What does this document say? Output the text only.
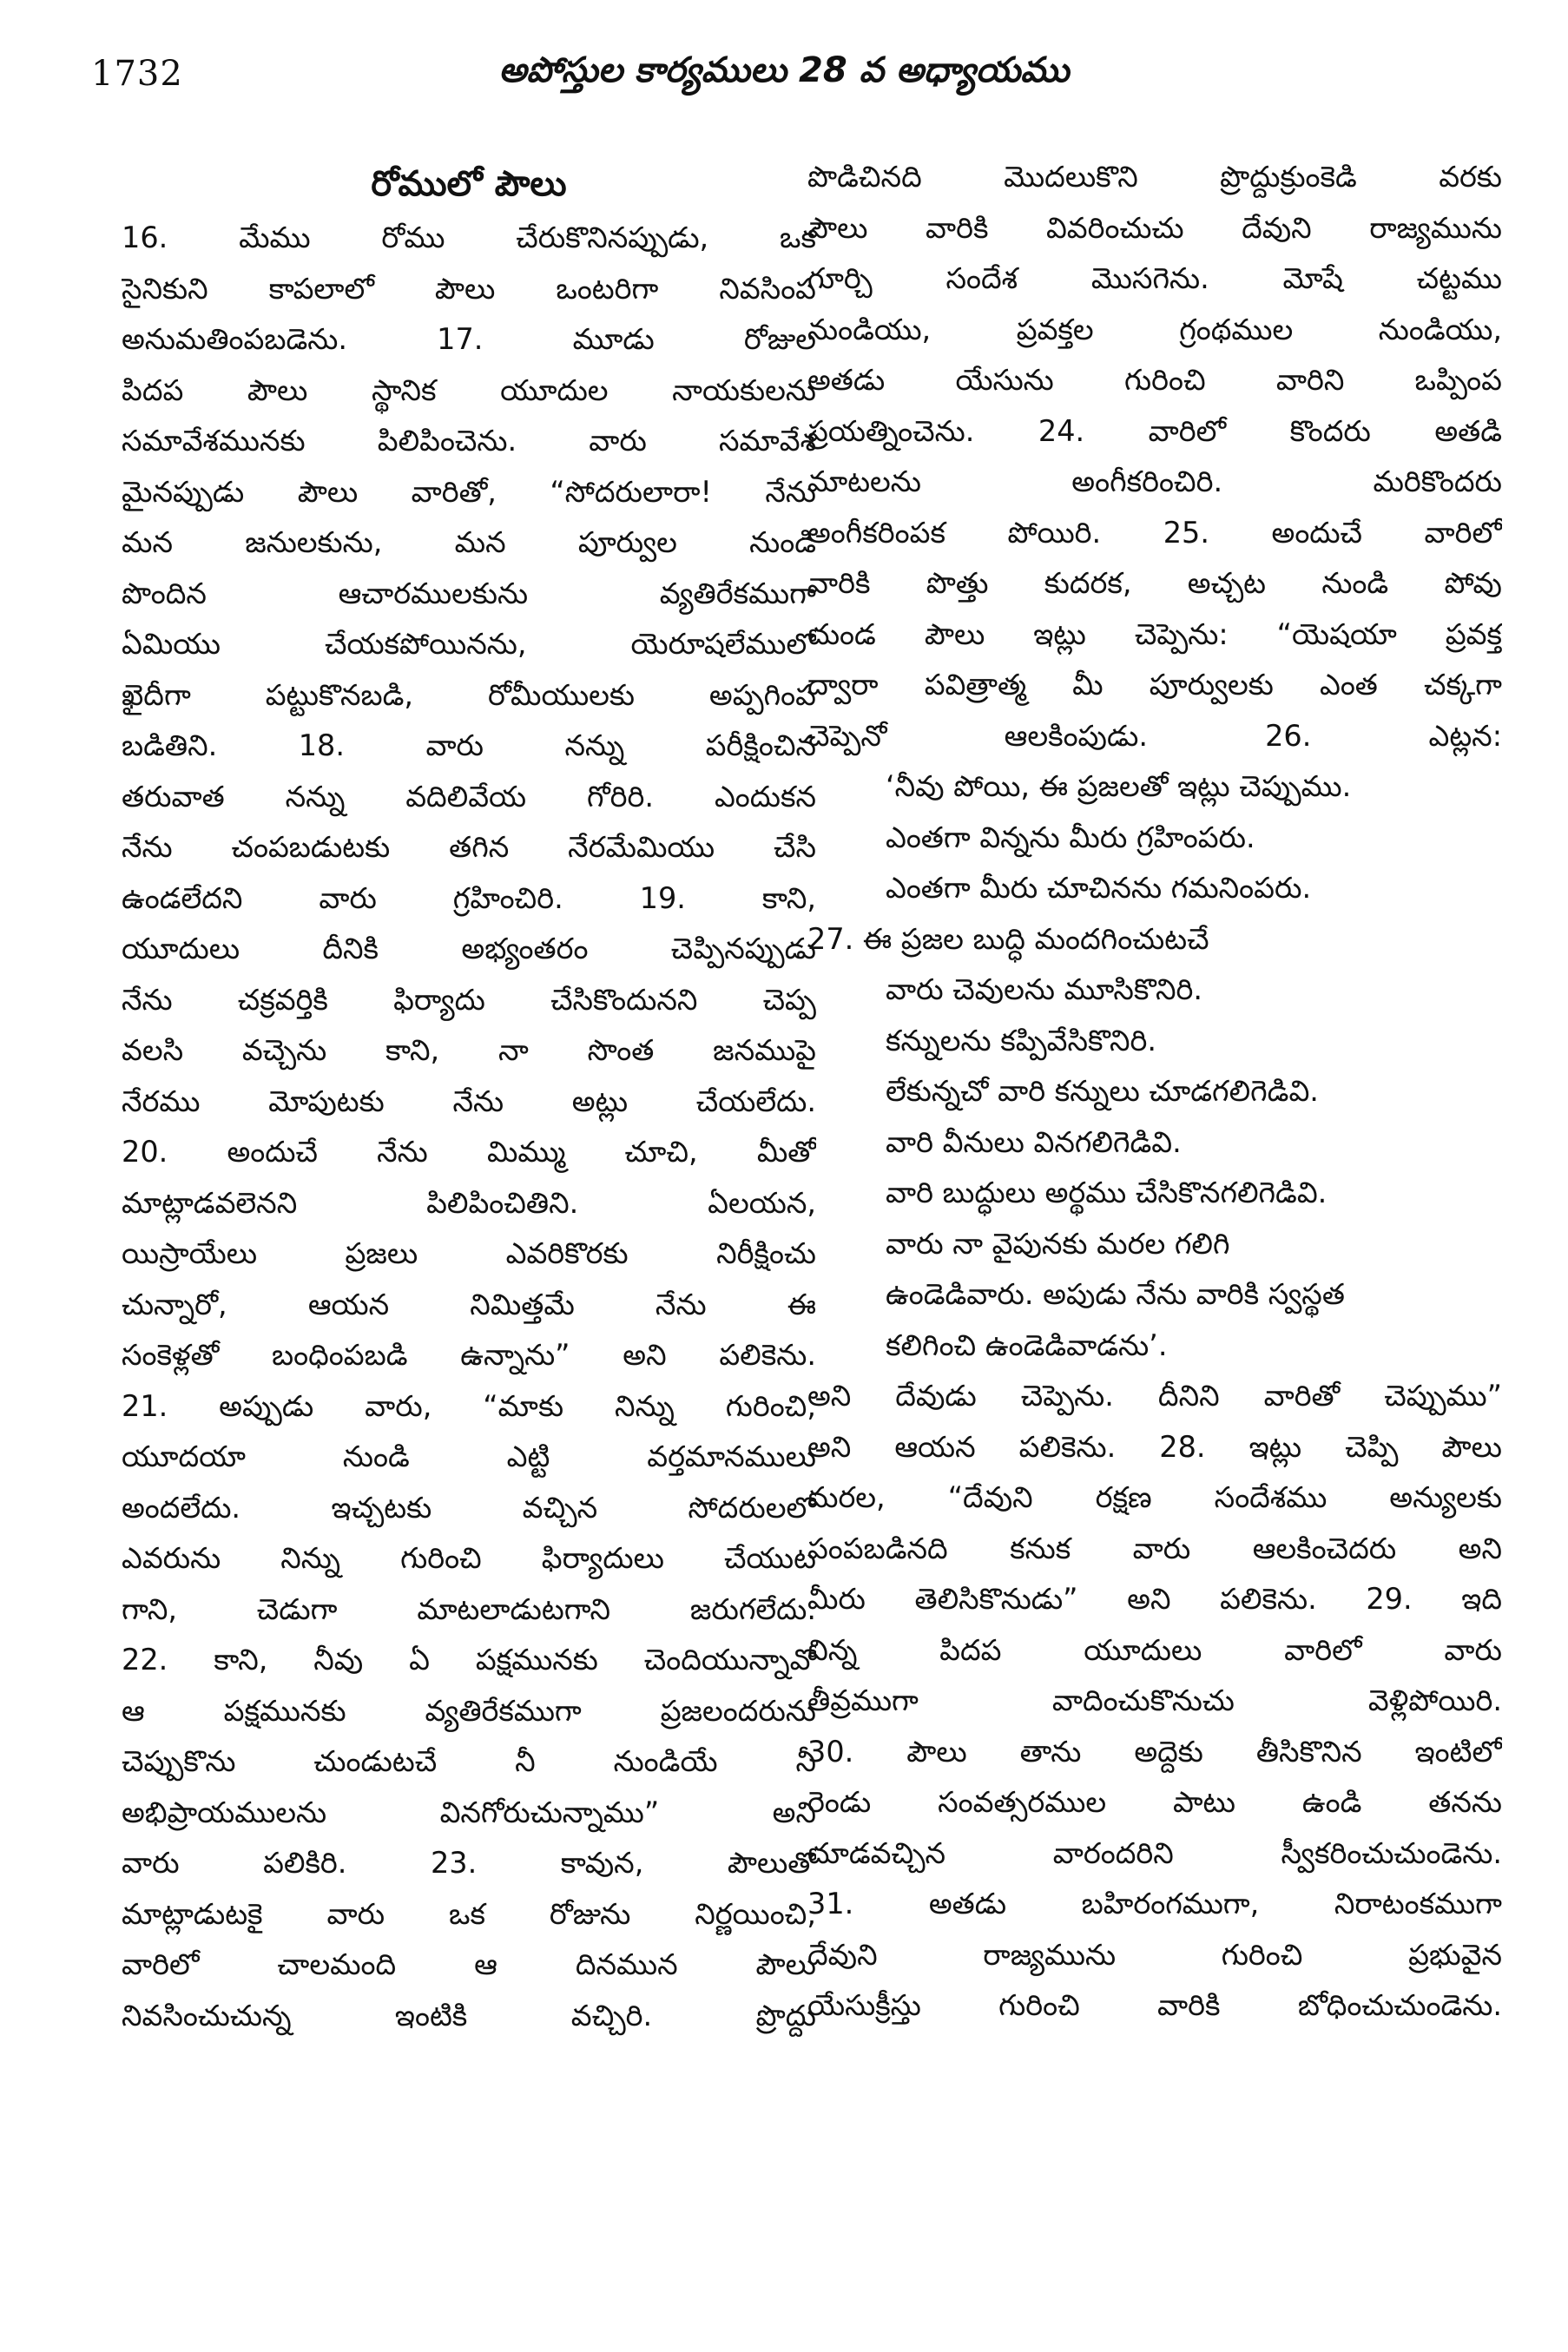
1732	అపోస్తుల కార్యములు 28 వ అధ్యాయము
రోములో పౌలు
16. మేము రోము చేరుకొనినప్పుడు, ఒక
సైనికుని కాపలాలో పౌలు ఒంటరిగా నివసింప
అనుమతింపబడెను. 17. మూడు రోజుల
పిదప పౌలు స్థానిక యూదుల నాయకులను
సమావేశమునకు పిలిపించెను. వారు సమావేశ
మైనప్పుడు పౌలు వారితో, “సోదరులారా! నేను
మన జనులకును, మన పూర్వుల నుండి
పొందిన ఆచారములకును వ్యతిరేకముగా
ఏమియు చేయకపోయినను, యెరూషలేములో
ఖైదీగా పట్టుకొనబడి, రోమీయులకు అప్పగింప
బడితిని. 18. వారు నన్ను పరీక్షించిన
తరువాత నన్ను వదిలివేయ గోరిరి. ఎందుకన
నేను చంపబడుటకు తగిన నేరమేమియు చేసి
ఉండలేదని వారు గ్రహించిరి. 19. కాని,
యూదులు దీనికి అభ్యంతరం చెప్పినప్పుడు
నేను చక్రవర్తికి ఫిర్యాదు చేసికొందునని చెప్ప
వలసి వచ్చెను కాని, నా సొంత జనముపై
నేరము మోపుటకు నేను అట్లు చేయలేదు.
20. అందుచే నేను మిమ్ము చూచి, మీతో
మాట్లాడవలెనని పిలిపించితిని. ఏలయన,
యిస్రాయేలు ప్రజలు ఎవరికొరకు నిరీక్షించు
చున్నారో, ఆయన నిమిత్తమే నేను ఈ
సంకెళ్లతో బంధింపబడి ఉన్నాను” అని పలికెను.
21. అప్పుడు వారు, “మాకు నిన్ను గురించి,
యూదయా నుండి ఎట్టి వర్తమానములు
అందలేదు. ఇచ్చటకు వచ్చిన సోదరులలో
ఎవరును నిన్ను గురించి ఫిర్యాదులు చేయుట
గాని, చెడుగా మాటలాడుటగాని జరుగలేదు.
22. కాని, నీవు ఏ పక్షమునకు చెందియున్నావో
ఆ పక్షమునకు వ్యతిరేకముగా ప్రజలందరును
చెప్పుకొను చుండుటచే నీ నుండియే నీ
అభిప్రాయములను వినగోరుచున్నాము” అని
వారు పలికిరి. 23. కావున, పౌలుతో
మాట్లాడుటకై వారు ఒక రోజును నిర్ణయించి,
వారిలో చాలమంది ఆ దినమున పౌలు
నివసించుచున్న ఇంటికి వచ్చిరి. ప్రొద్దు
పొడిచినది మొదలుకొని ప్రొద్దుక్రుంకెడి వరకు
పౌలు వారికి వివరించుచు దేవుని రాజ్యమును
గూర్చి సందేశ మొసగెను. మోషే చట్టము
నుండియు, ప్రవక్తల గ్రంథముల నుండియు,
అతడు యేసును గురించి వారిని ఒప్పింప
ప్రయత్నించెను. 24. వారిలో కొందరు అతడి
మాటలను అంగీకరించిరి. మరికొందరు
అంగీకరింపక పోయిరి. 25. అందుచే వారిలో
వారికి పొత్తు కుదరక, అచ్చట నుండి పోవు
చుండ పౌలు ఇట్లు చెప్పెను: “యెషయా ప్రవక్త
ద్వారా పవిత్రాత్మ మీ పూర్వులకు ఎంత చక్కగా
చెప్పెనో ఆలకింపుడు. 26. ఎట్లన:
‘నీవు పోయి, ఈ ప్రజలతో ఇట్లు చెప్పుము.
ఎంతగా విన్నను మీరు గ్రహింపరు.
ఎంతగా మీరు చూచినను గమనింపరు.
27. ఈ ప్రజల బుద్ధి మందగించుటచే
వారు చెవులను మూసికొనిరి.
కన్నులను కప్పివేసికొనిరి.
లేకున్నచో వారి కన్నులు చూడగలిగెడివి.
వారి వీనులు వినగలిగెడివి.
వారి బుద్ధులు అర్థము చేసికొనగలిగెడివి.
వారు నా వైపునకు మరల గలిగి
ఉండెడివారు. అపుడు నేను వారికి స్వస్థత
కలిగించి ఉండెడివాడను’.
అని దేవుడు చెప్పెను. దీనిని వారితో చెప్పుము”
అని ఆయన పలికెను. 28. ఇట్లు చెప్పి పౌలు
మరల, “దేవుని రక్షణ సందేశము అన్యులకు
పంపబడినది కనుక వారు ఆలకించెదరు అని
మీరు తెలిసికొనుడు” అని పలికెను. 29. ఇది
విన్న పిదప యూదులు వారిలో వారు
తీవ్రముగా వాదించుకొనుచు వెళ్లిపోయిరి.
30. పౌలు తాను అద్దెకు తీసికొనిన ఇంటిలో
రెండు సంవత్సరముల పాటు ఉండి తనను
చూడవచ్చిన వారందరిని స్వీకరించుచుండెను.
31. అతడు బహిరంగముగా, నిరాటంకముగా
దేవుని రాజ్యమును గురించి ప్రభువైన
యేసుక్రీస్తు గురించి వారికి బోధించుచుండెను.
